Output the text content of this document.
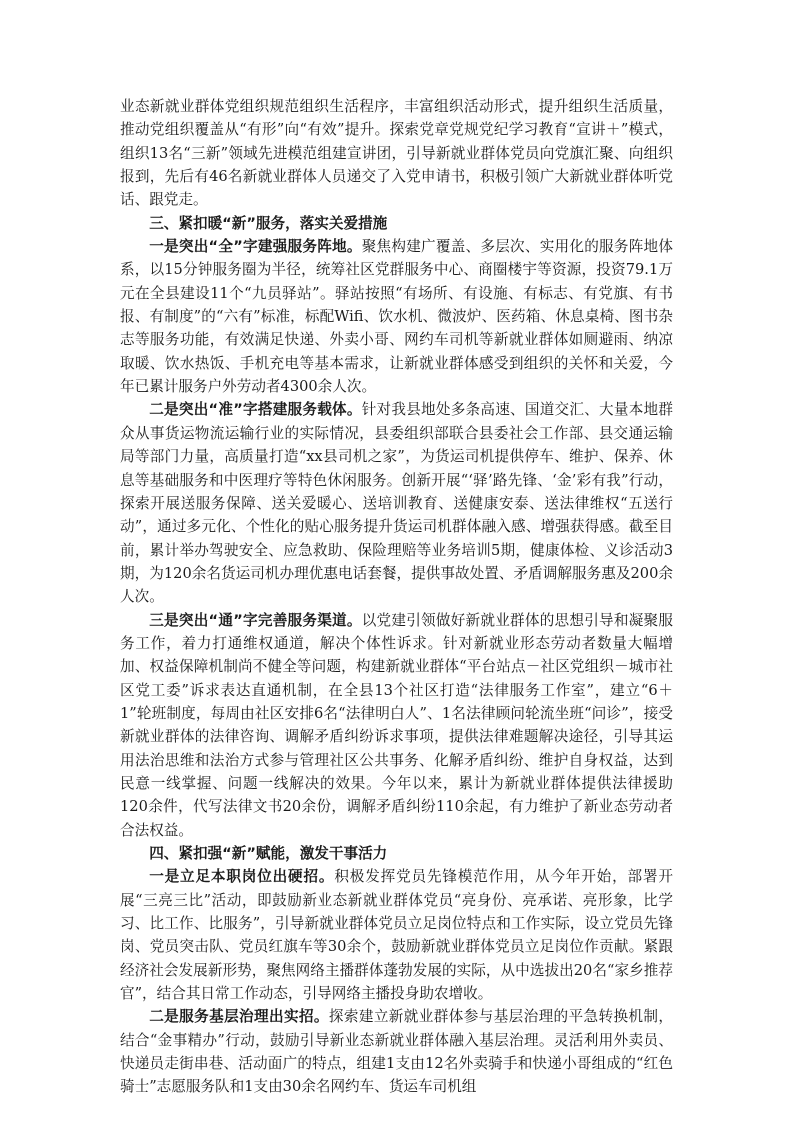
业态新就业群体党组织规范组织生活程序，丰富组织活动形式，提升组织生活质量，推动党组织覆盖从“有形”向“有效”提升。探索党章党规党纪学习教育“宣讲＋”模式，组织13名“三新”领域先进模范组建宣讲团，引导新就业群体党员向党旗汇聚、向组织报到，先后有46名新就业群体人员递交了入党申请书，积极引领广大新就业群体听党话、跟党走。

三、紧扣暖“新”服务，落实关爱措施

一是突出“全”字建强服务阵地。聚焦构建广覆盖、多层次、实用化的服务阵地体系，以15分钟服务圈为半径，统筹社区党群服务中心、商圈楼宇等资源，投资79.1万元在全县建设11个“九员驿站”。驿站按照“有场所、有设施、有标志、有党旗、有书报、有制度”的“六有”标准，标配Wifi、饮水机、微波炉、医药箱、休息桌椅、图书杂志等服务功能，有效满足快递、外卖小哥、网约车司机等新就业群体如厕避雨、纳凉取暖、饮水热饭、手机充电等基本需求，让新就业群体感受到组织的关怀和关爱，今年已累计服务户外劳动者4300余人次。

二是突出“准”字搭建服务载体。针对我县地处多条高速、国道交汇、大量本地群众从事货运物流运输行业的实际情况，县委组织部联合县委社会工作部、县交通运输局等部门力量，高质量打造“xx县司机之家”，为货运司机提供停车、维护、保养、休息等基础服务和中医理疗等特色休闲服务。创新开展“‘驿’路先锋、‘金’彩有我”行动，探索开展送服务保障、送关爱暖心、送培训教育、送健康安泰、送法律维权“五送行动”，通过多元化、个性化的贴心服务提升货运司机群体融入感、增强获得感。截至目前，累计举办驾驶安全、应急救助、保险理赔等业务培训5期，健康体检、义诊活动3期，为120余名货运司机办理优惠电话套餐，提供事故处置、矛盾调解服务惠及200余人次。

三是突出“通”字完善服务渠道。以党建引领做好新就业群体的思想引导和凝聚服务工作，着力打通维权通道，解决个体性诉求。针对新就业形态劳动者数量大幅增加、权益保障机制尚不健全等问题，构建新就业群体“平台站点－社区党组织－城市社区党工委”诉求表达直通机制，在全县13个社区打造“法律服务工作室”，建立“6＋1”轮班制度，每周由社区安排6名“法律明白人”、1名法律顾问轮流坐班“问诊”，接受新就业群体的法律咨询、调解矛盾纠纷诉求事项，提供法律难题解决途径，引导其运用法治思维和法治方式参与管理社区公共事务、化解矛盾纠纷、维护自身权益，达到民意一线掌握、问题一线解决的效果。今年以来，累计为新就业群体提供法律援助120余件，代写法律文书20余份，调解矛盾纠纷110余起，有力维护了新业态劳动者合法权益。

四、紧扣强“新”赋能，激发干事活力

一是立足本职岗位出硬招。积极发挥党员先锋模范作用，从今年开始，部署开展“三亮三比”活动，即鼓励新业态新就业群体党员“亮身份、亮承诺、亮形象，比学习、比工作、比服务”，引导新就业群体党员立足岗位特点和工作实际，设立党员先锋岗、党员突击队、党员红旗车等30余个，鼓励新就业群体党员立足岗位作贡献。紧跟经济社会发展新形势，聚焦网络主播群体蓬勃发展的实际，从中选拔出20名“家乡推荐官”，结合其日常工作动态，引导网络主播投身助农增收。

二是服务基层治理出实招。探索建立新就业群体参与基层治理的平急转换机制，结合“金事精办”行动，鼓励引导新业态新就业群体融入基层治理。灵活利用外卖员、快递员走街串巷、活动面广的特点，组建1支由12名外卖骑手和快递小哥组成的“红色骑士”志愿服务队和1支由30余名网约车、货运车司机组
